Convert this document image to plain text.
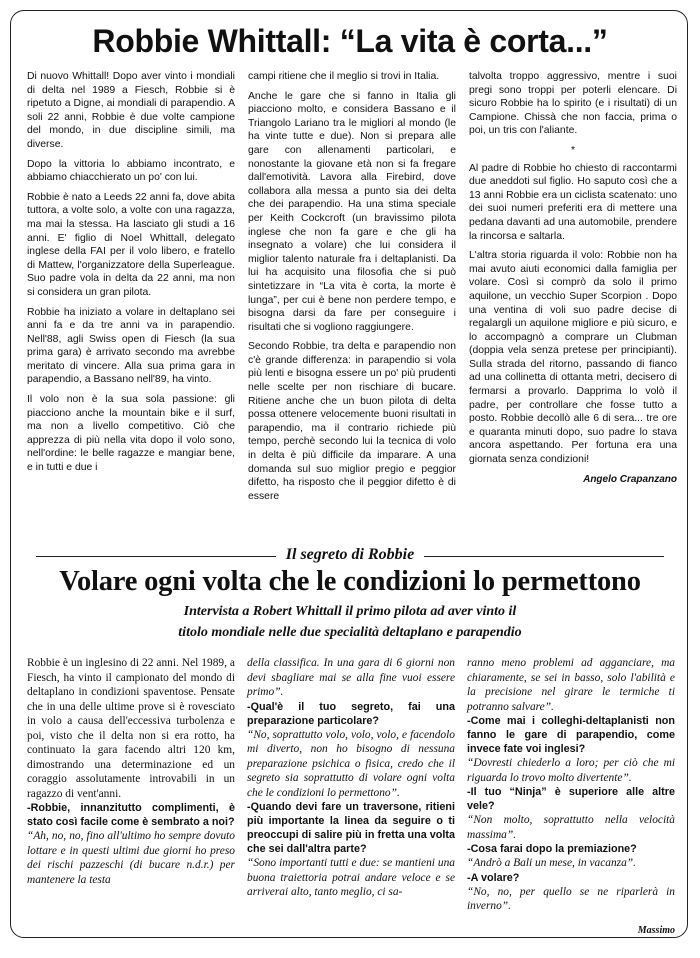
Robbie Whittall: “La vita è corta...”

Di nuovo Whittall! Dopo aver vinto i mondiali di delta nel 1989 a Fiesch, Robbie si è ripetuto a Digne, ai mondiali di parapendio. A soli 22 anni, Robbie è due volte campione del mondo, in due discipline simili, ma diverse.

Dopo la vittoria lo abbiamo incontrato, e abbiamo chiacchierato un po' con lui.

Robbie è nato a Leeds 22 anni fa, dove abita tuttora, a volte solo, a volte con una ragazza, ma mai la stessa. Ha lasciato gli studi a 16 anni. E' figlio di Noel Whittall, delegato inglese della FAI per il volo libero, e fratello di Mattew, l'organizzatore della Superleague. Suo padre vola in delta da 22 anni, ma non si considera un gran pilota.

Robbie ha iniziato a volare in deltaplano sei anni fa e da tre anni va in parapendio. Nell'88, agli Swiss open di Fiesch (la sua prima gara) è arrivato secondo ma avrebbe meritato di vincere. Alla sua prima gara in parapendio, a Bassano nell'89, ha vinto.

Il volo non è la sua sola passione: gli piacciono anche la mountain bike e il surf, ma non a livello competitivo. Ciò che apprezza di più nella vita dopo il volo sono, nell'ordine: le belle ragazze e mangiar bene, e in tutti e due i

campi ritiene che il meglio si trovi in Italia.

Anche le gare che si fanno in Italia gli piacciono molto, e considera Bassano e il Triangolo Lariano tra le migliori al mondo (le ha vinte tutte e due). Non si prepara alle gare con allenamenti particolari, e nonostante la giovane età non si fa fregare dall'emotività. Lavora alla Firebird, dove collabora alla messa a punto sia dei delta che dei parapendio. Ha una stima speciale per Keith Cockcroft (un bravissimo pilota inglese che non fa gare e che gli ha insegnato a volare) che lui considera il miglior talento naturale fra i deltaplanisti. Da lui ha acquisito una filosofia che si può sintetizzare in “La vita è corta, la morte è lunga”, per cui è bene non perdere tempo, e bisogna darsi da fare per conseguire i risultati che si vogliono raggiungere.

Secondo Robbie, tra delta e parapendio non c'è grande differenza: in parapendio si vola più lenti e bisogna essere un po' più prudenti nelle scelte per non rischiare di bucare. Ritiene anche che un buon pilota di delta possa ottenere velocemente buoni risultati in parapendio, ma il contrario richiede più tempo, perchè secondo lui la tecnica di volo in delta è più difficile da imparare. A una domanda sul suo miglior pregio e peggior difetto, ha risposto che il peggior difetto è di essere

talvolta troppo aggressivo, mentre i suoi pregi sono troppi per poterli elencare. Di sicuro Robbie ha lo spirito (e i risultati) di un Campione. Chissà che non faccia, prima o poi, un tris con l'aliante.

*

Al padre di Robbie ho chiesto di raccontarmi due aneddoti sul figlio. Ho saputo così che a 13 anni Robbie era un ciclista scatenato: uno dei suoi numeri preferiti era di mettere una pedana davanti ad una automobile, prendere la rincorsa e saltarla.

L'altra storia riguarda il volo: Robbie non ha mai avuto aiuti economici dalla famiglia per volare. Così si comprò da solo il primo aquilone, un vecchio Super Scorpion . Dopo una ventina di voli suo padre decise di regalargli un aquilone migliore e più sicuro, e lo accompagnò a comprare un Clubman (doppia vela senza pretese per principianti). Sulla strada del ritorno, passando di fianco ad una collinetta di ottanta metri, decisero di fermarsi a provarlo. Dapprima lo volò il padre, per controllare che fosse tutto a posto. Robbie decollò alle 6 di sera... tre ore e quaranta minuti dopo, suo padre lo stava ancora aspettando. Per fortuna era una giornata senza condizioni!

Angelo Crapanzano

Il segreto di Robbie

Volare ogni volta che le condizioni lo permettono
Intervista a Robert Whittall il primo pilota ad aver vinto il
titolo mondiale nelle due specialità deltaplano e parapendio

Robbie è un inglesino di 22 anni. Nel 1989, a Fiesch, ha vinto il campionato del mondo di deltaplano in condizioni spaventose. Pensate che in una delle ultime prove si è rovesciato in volo a causa dell'eccessiva turbolenza e poi, visto che il delta non si era rotto, ha continuato la gara facendo altri 120 km, dimostrando una determinazione ed un coraggio assolutamente introvabili in un ragazzo di vent'anni.

-Robbie, innanzitutto complimenti, è stato così facile come è sembrato a noi?

“Ah, no, no, fino all'ultimo ho sempre dovuto lottare e in questi ultimi due giorni ho preso dei rischi pazzeschi (di bucare n.d.r.) per mantenere la testa

della classifica. In una gara di 6 giorni non devi sbagliare mai se alla fine vuoi essere primo”.

-Qual'è il tuo segreto, fai una preparazione particolare?

“No, soprattutto volo, volo, volo, e facendolo mi diverto, non ho bisogno di nessuna preparazione psichica o fisica, credo che il segreto sia soprattutto di volare ogni volta che le condizioni lo permettono”.

-Quando devi fare un traversone, ritieni più importante la linea da seguire o ti preoccupi di salire più in fretta una volta che sei dall'altra parte?

“Sono importanti tutti e due: se mantieni una buona traiettoria potrai andare veloce e se arriverai alto, tanto meglio, ci sa-

ranno meno problemi ad agganciare, ma chiaramente, se sei in basso, solo l'abilità e la precisione nel girare le termiche ti potranno salvare”.

-Come mai i colleghi-deltaplanisti non fanno le gare di parapendio, come invece fate voi inglesi?

“Dovresti chiederlo a loro; per ciò che mi riguarda lo trovo molto divertente”.

-Il tuo “Ninja” è superiore alle altre vele?

“Non molto, soprattutto nella velocità massima”.

-Cosa farai dopo la premiazione?

“Andrò a Bali un mese, in vacanza”.

-A volare?

“No, no, per quello se ne riparlerà in inverno”.

Massimo
